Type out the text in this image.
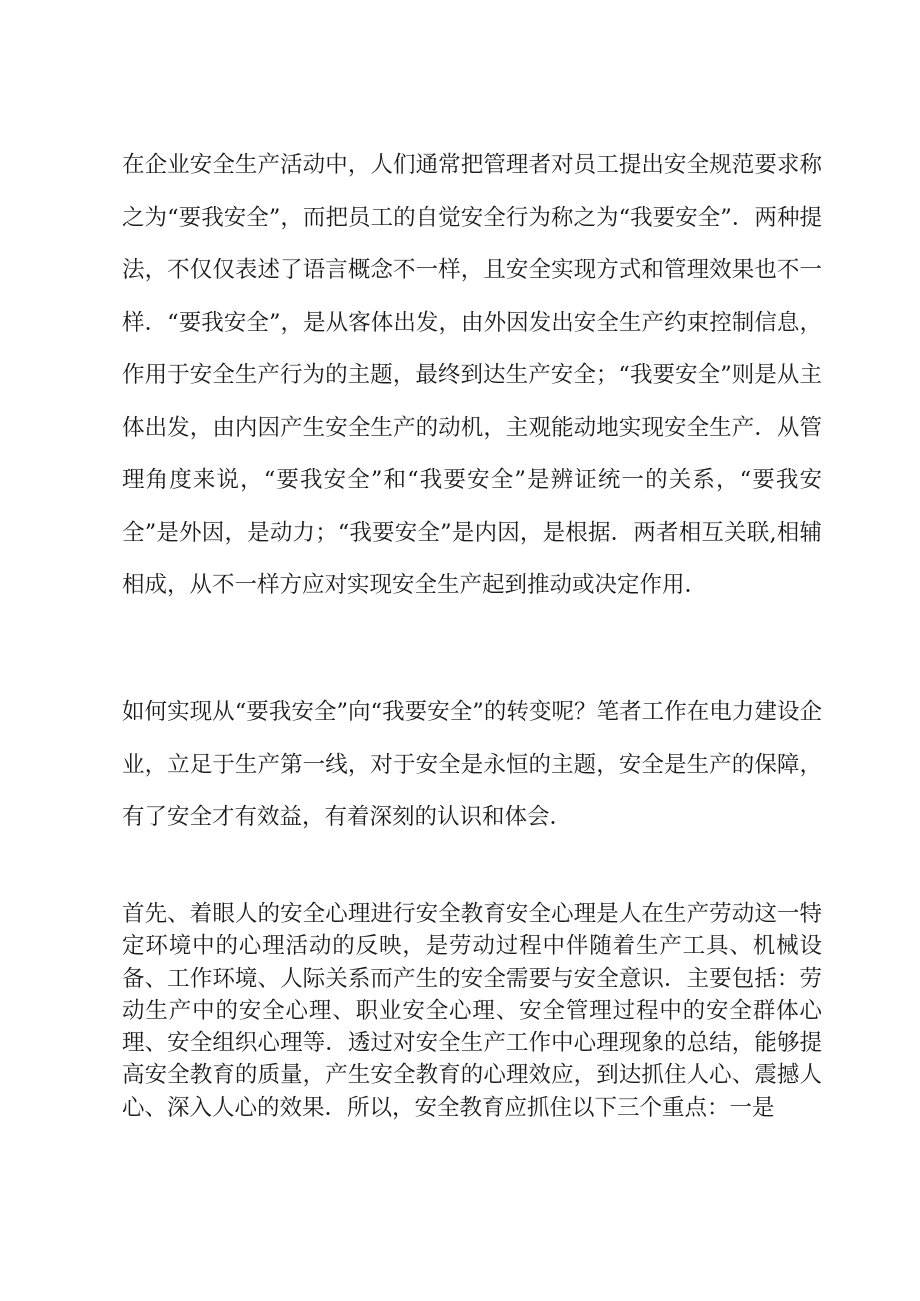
在企业安全生产活动中，人们通常把管理者对员工提出安全规范要求称之为“要我安全”，而把员工的自觉安全行为称之为“我要安全”．两种提法，不仅仅表述了语言概念不一样，且安全实现方式和管理效果也不一样．“要我安全”，是从客体出发，由外因发出安全生产约束控制信息，作用于安全生产行为的主题，最终到达生产安全；“我要安全”则是从主体出发，由内因产生安全生产的动机，主观能动地实现安全生产．从管理角度来说，“要我安全”和“我要安全”是辨证统一的关系，“要我安全”是外因，是动力；“我要安全”是内因，是根据．两者相互关联,相辅相成，从不一样方应对实现安全生产起到推动或决定作用．

如何实现从“要我安全”向“我要安全”的转变呢？笔者工作在电力建设企业，立足于生产第一线，对于安全是永恒的主题，安全是生产的保障，有了安全才有效益，有着深刻的认识和体会．

首先、着眼人的安全心理进行安全教育安全心理是人在生产劳动这一特定环境中的心理活动的反映，是劳动过程中伴随着生产工具、机械设备、工作环境、人际关系而产生的安全需要与安全意识．主要包括：劳动生产中的安全心理、职业安全心理、安全管理过程中的安全群体心理、安全组织心理等．透过对安全生产工作中心理现象的总结，能够提高安全教育的质量，产生安全教育的心理效应，到达抓住人心、震撼人心、深入人心的效果．所以，安全教育应抓住以下三个重点：一是
